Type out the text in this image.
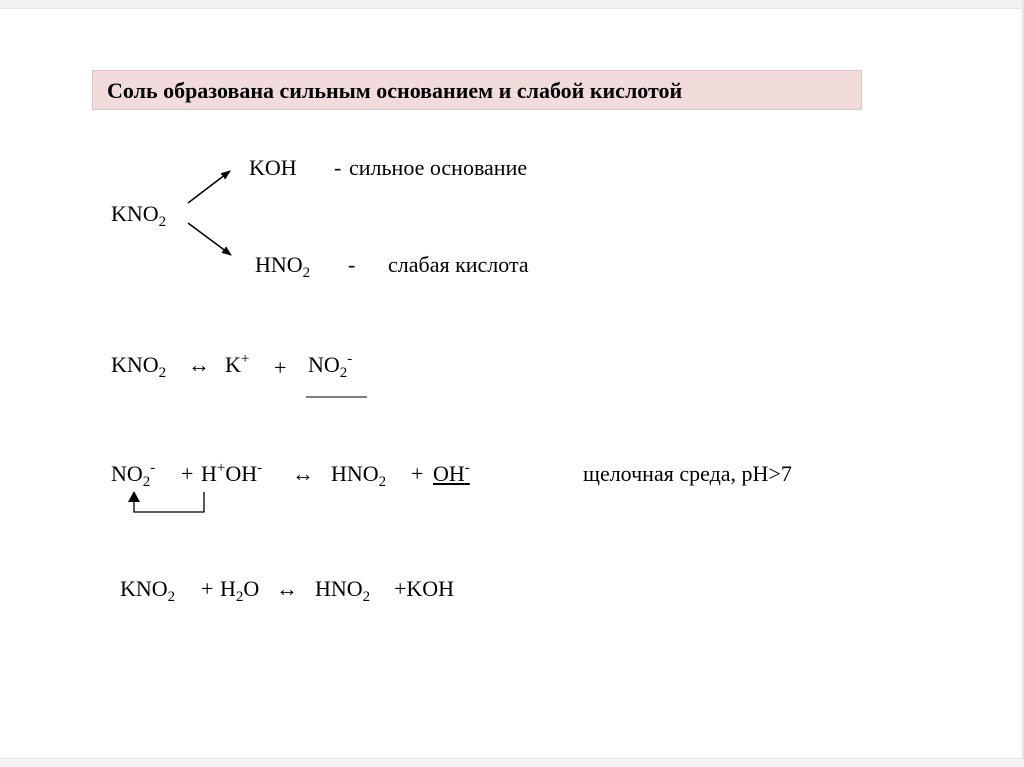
Соль образована сильным основанием и слабой кислотой
$KNO_2$
KOH - сильное основание
$HNO_2$ - слабая кислота
$KNO_2$ ↔ $K^+ + NO_2^-$
$NO_2^- + H^+OH^-$ ↔ $HNO_2 + OH^-$	щелочная среда, pH>7
$KNO_2 + H_2O$ ↔ $HNO_2 +KOH$
